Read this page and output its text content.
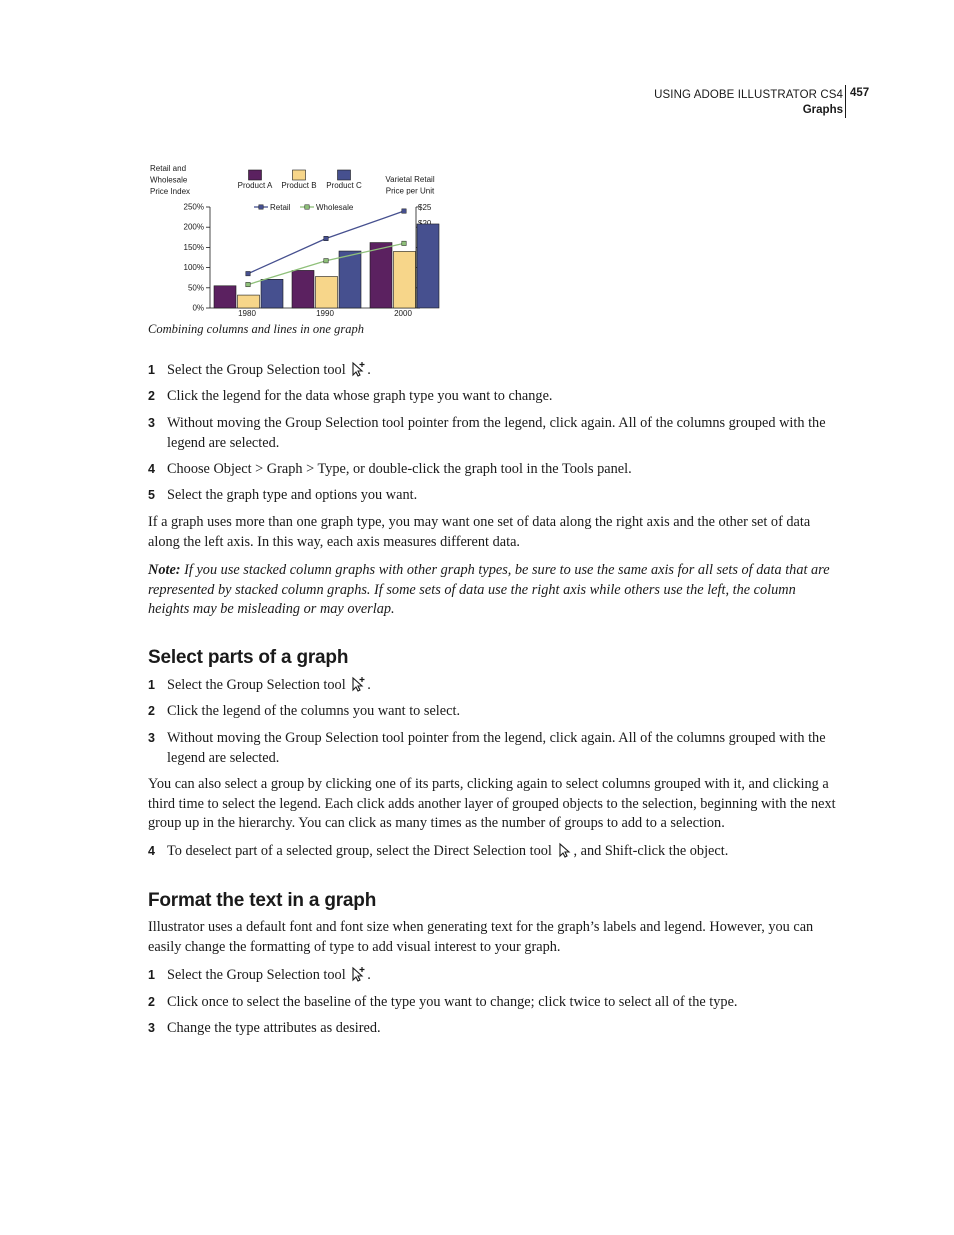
USING ADOBE ILLUSTRATOR CS4
Graphs
457
0%
50%
100%
150%
200%
250%	$25
Retail and
Wholesale
Price Index
Varietal Retail
Price per Unit
Product A Product B Product C
1980	1990	2000
Retail	Wholesale
Combining columns and lines in one graph
1 Select the Group Selection tool .
2 Click the legend for the data whose graph type you want to change.
3 Without moving the Group Selection tool pointer from the legend, click again. All of the columns grouped with the legend are selected.
4 Choose Object > Graph > Type, or double-click the graph tool in the Tools panel.
5 Select the graph type and options you want.
If a graph uses more than one graph type, you may want one set of data along the right axis and the other set of data along the left axis. In this way, each axis measures different data.
Note: If you use stacked column graphs with other graph types, be sure to use the same axis for all sets of data that are represented by stacked column graphs. If some sets of data use the right axis while others use the left, the column heights may be misleading or may overlap.
Select parts of a graph
1 Select the Group Selection tool .
2 Click the legend of the columns you want to select.
3 Without moving the Group Selection tool pointer from the legend, click again. All of the columns grouped with the legend are selected.
You can also select a group by clicking one of its parts, clicking again to select columns grouped with it, and clicking a third time to select the legend. Each click adds another layer of grouped objects to the selection, beginning with the next group up in the hierarchy. You can click as many times as the number of groups to add to a selection.
4 To deselect part of a selected group, select the Direct Selection tool , and Shift-click the object.
Format the text in a graph
Illustrator uses a default font and font size when generating text for the graph’s labels and legend. However, you can easily change the formatting of type to add visual interest to your graph.
1 Select the Group Selection tool .
2 Click once to select the baseline of the type you want to change; click twice to select all of the type.
3 Change the type attributes as desired.
